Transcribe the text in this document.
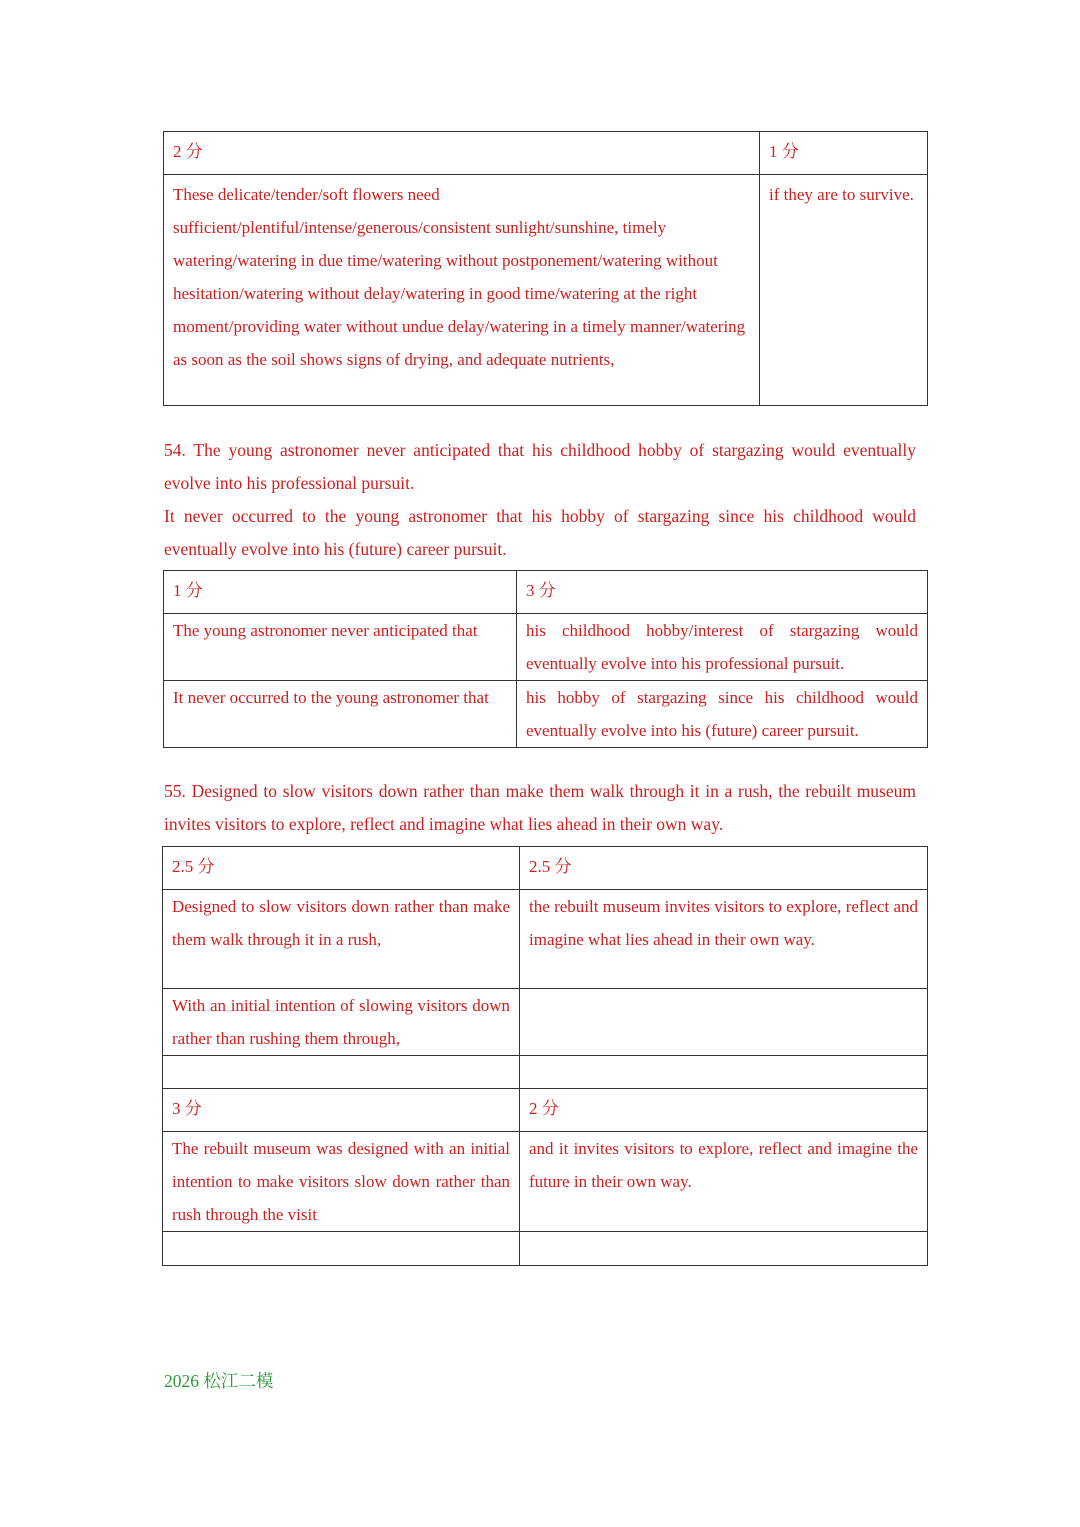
2 分	1 分
These delicate/tender/soft flowers need sufficient/plentiful/intense/generous/consistent sunlight/sunshine, timely watering/watering in due time/watering without postponement/watering without hesitation/watering without delay/watering in good time/watering at the right moment/providing water without undue delay/watering in a timely manner/watering as soon as the soil shows signs of drying, and adequate nutrients,	if they are to survive.
54. The young astronomer never anticipated that his childhood hobby of stargazing would eventually evolve into his professional pursuit.
It never occurred to the young astronomer that his hobby of stargazing since his childhood would eventually evolve into his (future) career pursuit.
1 分	3 分
The young astronomer never anticipated that	his childhood hobby/interest of stargazing would eventually evolve into his professional pursuit.
It never occurred to the young astronomer that	his hobby of stargazing since his childhood would eventually evolve into his (future) career pursuit.
55. Designed to slow visitors down rather than make them walk through it in a rush, the rebuilt museum invites visitors to explore, reflect and imagine what lies ahead in their own way.
2.5 分	2.5 分
Designed to slow visitors down rather than make them walk through it in a rush,	the rebuilt museum invites visitors to explore, reflect and imagine what lies ahead in their own way.
With an initial intention of slowing visitors down rather than rushing them through,	

3 分	2 分
The rebuilt museum was designed with an initial intention to make visitors slow down rather than rush through the visit	and it invites visitors to explore, reflect and imagine the future in their own way.

2026 松江二模
